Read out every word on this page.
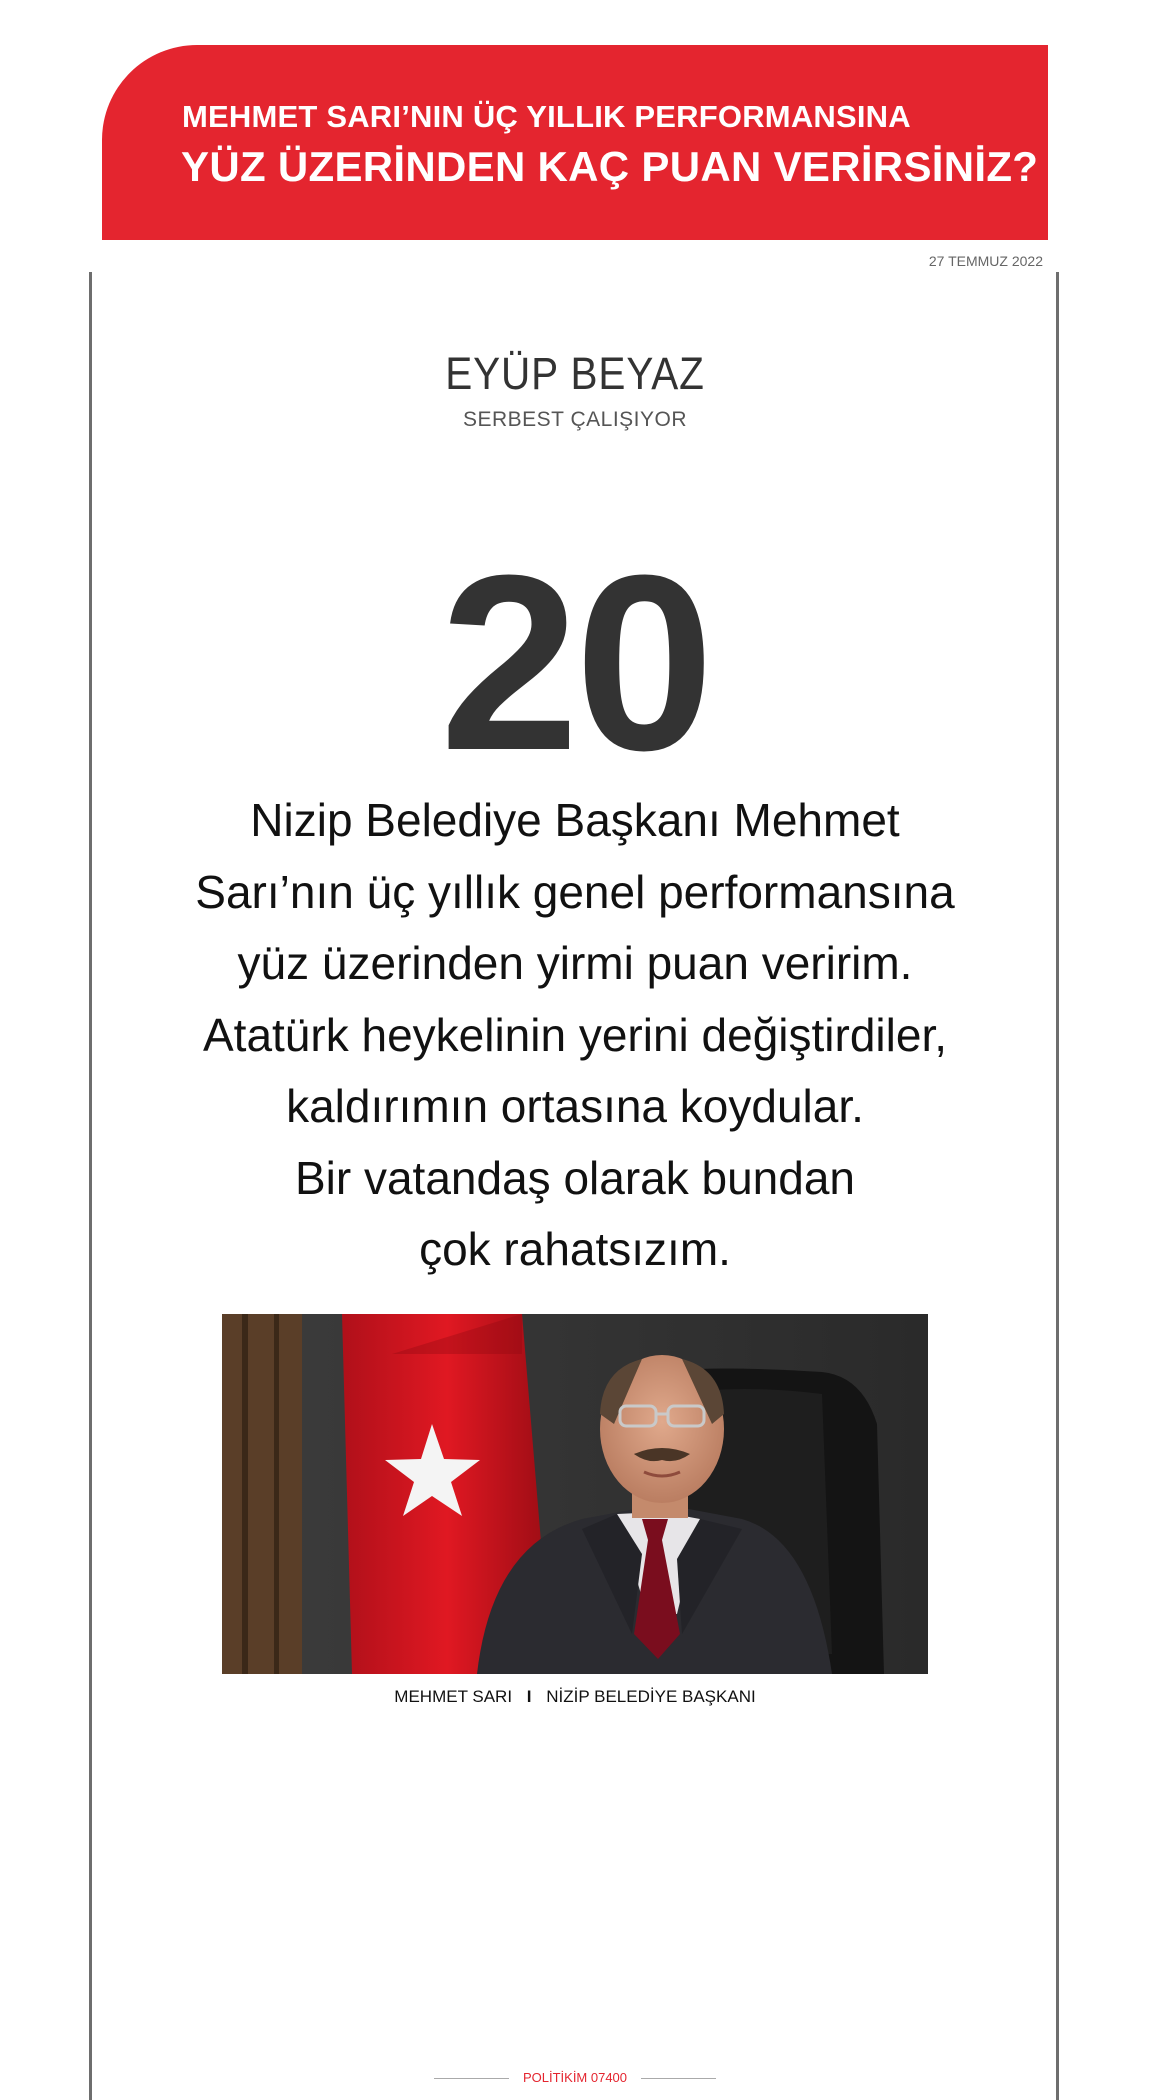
MEHMET SARI’NIN ÜÇ YILLIK PERFORMANSINA
YÜZ ÜZERİNDEN KAÇ PUAN VERİRSİNİZ?
27 TEMMUZ 2022
EYÜP BEYAZ
SERBEST ÇALIŞIYOR
20

Nizip Belediye Başkanı Mehmet

Sarı’nın üç yıllık genel performansına

yüz üzerinden yirmi puan veririm.

Atatürk heykelinin yerini değiştirdiler,

kaldırımın ortasına koydular.

Bir vatandaş olarak bundan

çok rahatsızım.

MEHMET SARI I NİZİP BELEDİYE BAŞKANI
POLİTİKİM 07400
